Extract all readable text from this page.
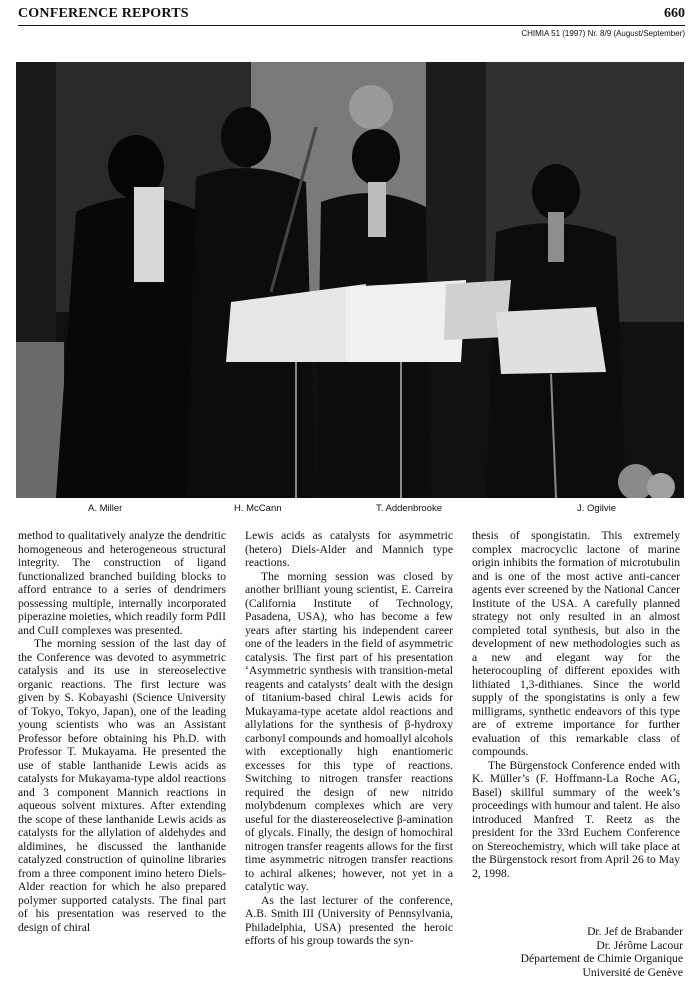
CONFERENCE REPORTS	660
CHIMIA 51 (1997) Nr. 8/9 (August/September)
A. Miller	H. McCann	T. Addenbrooke	J. Ogilvie

method to qualitatively analyze the dendritic homogeneous and heterogeneous structural integrity. The construction of ligand functionalized branched building blocks to afford entrance to a series of dendrimers possessing multiple, internally incorporated piperazine moieties, which readily form PdII and CuII complexes was presented.

The morning session of the last day of the Conference was devoted to asymmetric catalysis and its use in stereoselective organic reactions. The first lecture was given by S. Kobayashi (Science University of Tokyo, Tokyo, Japan), one of the leading young scientists who was an Assistant Professor before obtaining his Ph.D. with Professor T. Mukayama. He presented the use of stable lanthanide Lewis acids as catalysts for Mukayama-type aldol reactions and 3 component Mannich reactions in aqueous solvent mixtures. After extending the scope of these lanthanide Lewis acids as catalysts for the allylation of aldehydes and aldimines, he discussed the lanthanide catalyzed construction of quinoline libraries from a three component imino hetero Diels-Alder reaction for which he also prepared polymer supported catalysts. The final part of his presentation was reserved to the design of chiral

Lewis acids as catalysts for asymmetric (hetero) Diels-Alder and Mannich type reactions.

The morning session was closed by another brilliant young scientist, E. Carreira (California Institute of Technology, Pasadena, USA), who has become a few years after starting his independent career one of the leaders in the field of asymmetric catalysis. The first part of his presentation ‘Asymmetric synthesis with transition-metal reagents and catalysts’ dealt with the design of titanium-based chiral Lewis acids for Mukayama-type acetate aldol reactions and allylations for the synthesis of β-hydroxy carbonyl compounds and homoallyl alcohols with exceptionally high enantiomeric excesses for this type of reactions. Switching to nitrogen transfer reactions required the design of new nitrido molybdenum complexes which are very useful for the diastereoselective β-amination of glycals. Finally, the design of homochiral nitrogen transfer reagents allows for the first time asymmetric nitrogen transfer reactions to achiral alkenes; however, not yet in a catalytic way.

As the last lecturer of the conference, A.B. Smith III (University of Pennsylvania, Philadelphia, USA) presented the heroic efforts of his group towards the syn-

thesis of spongistatin. This extremely complex macrocyclic lactone of marine origin inhibits the formation of microtubulin and is one of the most active anti-cancer agents ever screened by the National Cancer Institute of the USA. A carefully planned strategy not only resulted in an almost completed total synthesis, but also in the development of new methodologies such as a new and elegant way for the heterocoupling of different epoxides with lithiated 1,3-dithianes. Since the world supply of the spongistatins is only a few milligrams, synthetic endeavors of this type are of extreme importance for further evaluation of this remarkable class of compounds.

The Bürgenstock Conference ended with K. Müller’s (F. Hoffmann-La Roche AG, Basel) skillful summary of the week’s proceedings with humour and talent. He also introduced Manfred T. Reetz as the president for the 33rd Euchem Conference on Stereochemistry, which will take place at the Bürgenstock resort from April 26 to May 2, 1998.

Dr. Jef de Brabander
Dr. Jérôme Lacour
Département de Chimie Organique
Université de Genève
